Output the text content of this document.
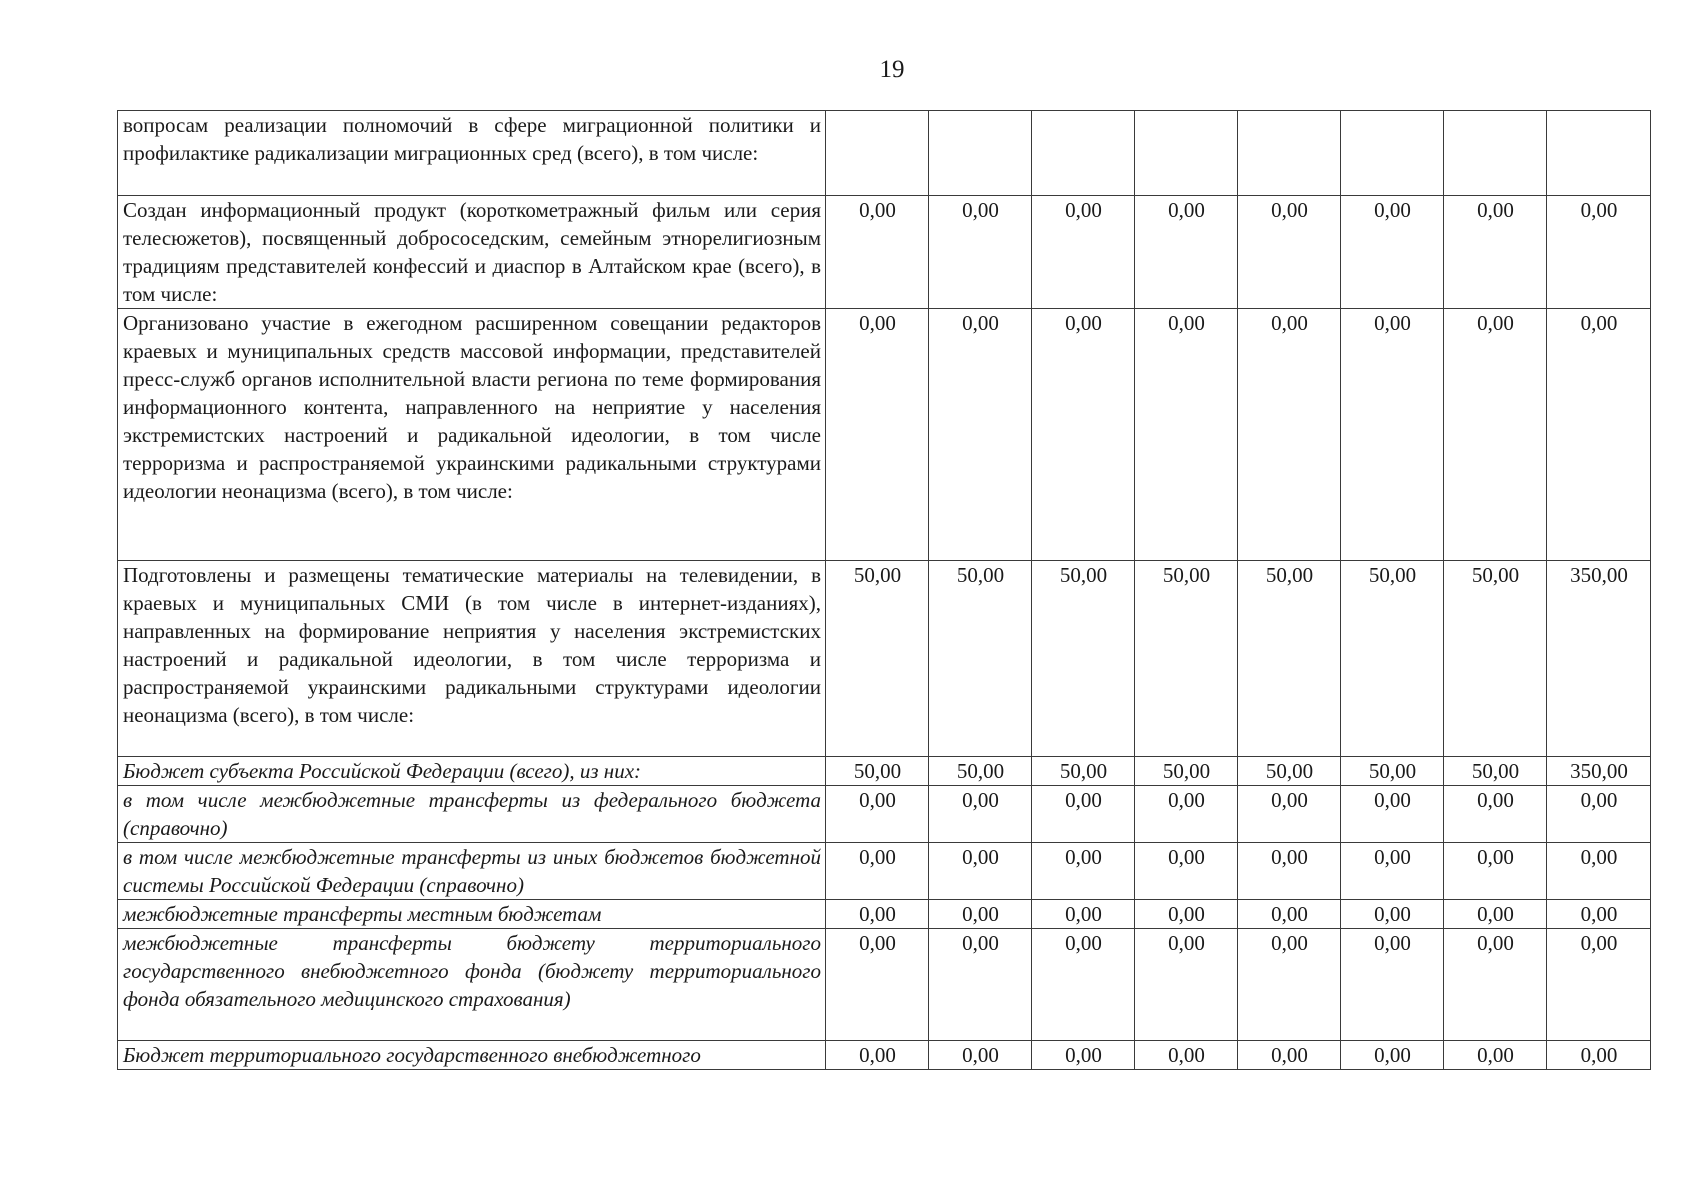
19
вопросам реализации полномочий в сфере миграционной политики и профилактике радикализации миграционных сред (всего), в том числе:								
Создан информационный продукт (короткометражный фильм или серия телесюжетов), посвященный добрососедским, семейным этнорелигиозным традициям представителей конфессий и диаспор в Алтайском крае (всего), в том числе:	0,00	0,00	0,00	0,00	0,00	0,00	0,00	0,00
Организовано участие в ежегодном расширенном совещании редакторов краевых и муниципальных средств массовой информации, представителей пресс-служб органов исполнительной власти региона по теме формирования информационного контента, направленного на неприятие у населения экстремистских настроений и радикальной идеологии, в том числе терроризма и распространяемой украинскими радикальными структурами идеологии неонацизма (всего), в том числе:	0,00	0,00	0,00	0,00	0,00	0,00	0,00	0,00
Подготовлены и размещены тематические материалы на телевидении, в краевых и муниципальных СМИ (в том числе в интернет-изданиях), направленных на формирование неприятия у населения экстремистских настроений и радикальной идеологии, в том числе терроризма и распространяемой украинскими радикальными структурами идеологии неонацизма (всего), в том числе:	50,00	50,00	50,00	50,00	50,00	50,00	50,00	350,00
Бюджет субъекта Российской Федерации (всего), из них:	50,00	50,00	50,00	50,00	50,00	50,00	50,00	350,00
в том числе межбюджетные трансферты из федерального бюджета (справочно)	0,00	0,00	0,00	0,00	0,00	0,00	0,00	0,00
в том числе межбюджетные трансферты из иных бюджетов бюджетной системы Российской Федерации (справочно)	0,00	0,00	0,00	0,00	0,00	0,00	0,00	0,00
межбюджетные трансферты местным бюджетам	0,00	0,00	0,00	0,00	0,00	0,00	0,00	0,00
межбюджетные трансферты бюджету территориального государственного внебюджетного фонда (бюджету территориального фонда обязательного медицинского страхования)	0,00	0,00	0,00	0,00	0,00	0,00	0,00	0,00
Бюджет территориального государственного внебюджетного	0,00	0,00	0,00	0,00	0,00	0,00	0,00	0,00
